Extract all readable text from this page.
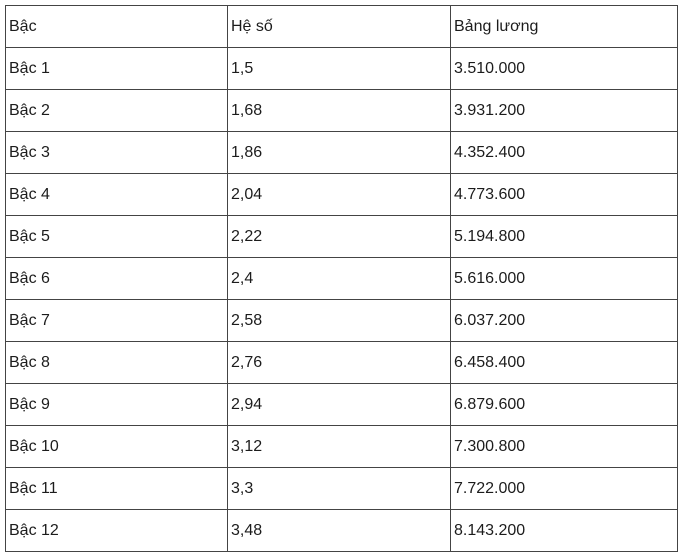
Bậc	Hệ số	Bảng lương
Bậc 1	1,5	3.510.000
Bậc 2	1,68	3.931.200
Bậc 3	1,86	4.352.400
Bậc 4	2,04	4.773.600
Bậc 5	2,22	5.194.800
Bậc 6	2,4	5.616.000
Bậc 7	2,58	6.037.200
Bậc 8	2,76	6.458.400
Bậc 9	2,94	6.879.600
Bậc 10	3,12	7.300.800
Bậc 11	3,3	7.722.000
Bậc 12	3,48	8.143.200
